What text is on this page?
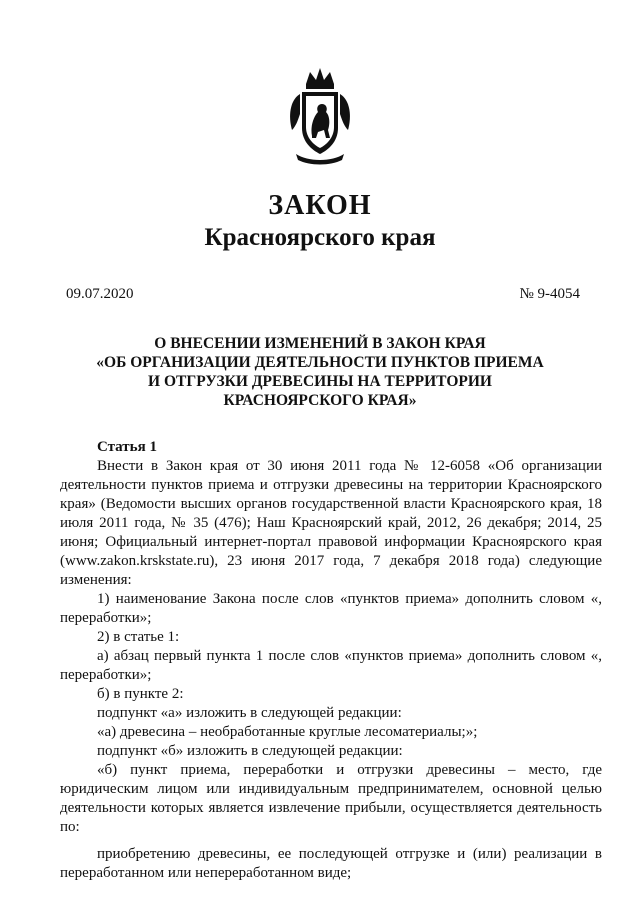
ЗАКОН
Красноярского края
09.07.2020	№ 9-4054
О ВНЕСЕНИИ ИЗМЕНЕНИЙ В ЗАКОН КРАЯ
«ОБ ОРГАНИЗАЦИИ ДЕЯТЕЛЬНОСТИ ПУНКТОВ ПРИЕМА
И ОТГРУЗКИ ДРЕВЕСИНЫ НА ТЕРРИТОРИИ
КРАСНОЯРСКОГО КРАЯ»
Статья 1

Внести в Закон края от 30 июня 2011 года № 12-6058 «Об организации деятельности пунктов приема и отгрузки древесины на территории Красноярского края» (Ведомости высших органов государственной власти Красноярского края, 18 июля 2011 года, № 35 (476); Наш Красноярский край, 2012, 26 декабря; 2014, 25 июня; Официальный интернет-портал правовой информации Красноярского края (www.zakon.krskstate.ru), 23 июня 2017 года, 7 декабря 2018 года) следующие изменения:

1) наименование Закона после слов «пунктов приема» дополнить словом «, переработки»;

2) в статье 1:

а) абзац первый пункта 1 после слов «пунктов приема» дополнить словом «, переработки»;

б) в пункте 2:

подпункт «а» изложить в следующей редакции:

«а) древесина – необработанные круглые лесоматериалы;»;

подпункт «б» изложить в следующей редакции:

«б) пункт приема, переработки и отгрузки древесины – место, где юридическим лицом или индивидуальным предпринимателем, основной целью деятельности которых является извлечение прибыли, осуществляется деятельность по:

приобретению древесины, ее последующей отгрузке и (или) реализации в переработанном или непереработанном виде;
